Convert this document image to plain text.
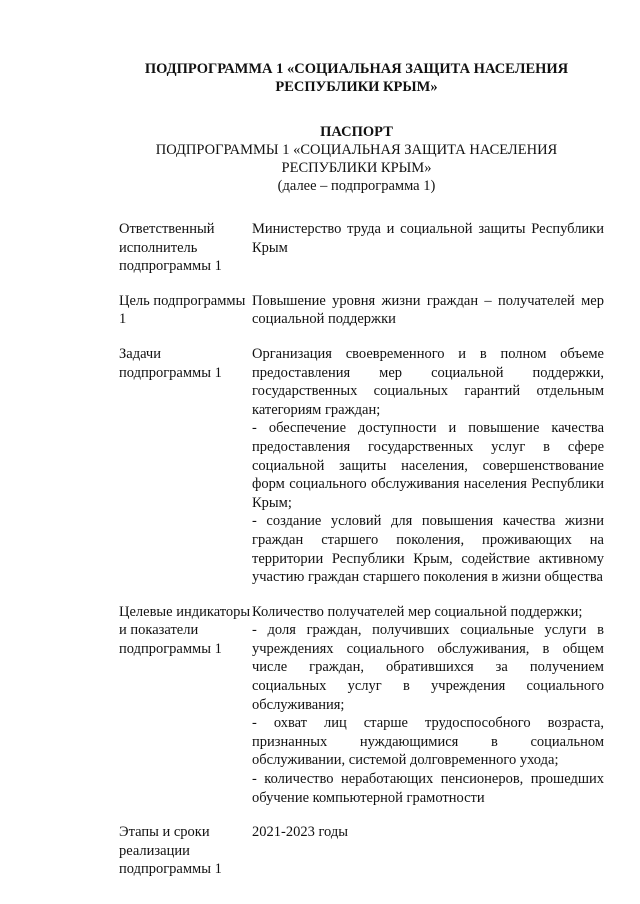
ПОДПРОГРАММА 1 «СОЦИАЛЬНАЯ ЗАЩИТА НАСЕЛЕНИЯ РЕСПУБЛИКИ КРЫМ»
ПАСПОРТ
ПОДПРОГРАММЫ 1 «СОЦИАЛЬНАЯ ЗАЩИТА НАСЕЛЕНИЯ
РЕСПУБЛИКИ КРЫМ»
(далее – подпрограмма 1)
Ответственный исполнитель подпрограммы 1

Министерство труда и социальной защиты Республики Крым

Цель подпрограммы 1

Повышение уровня жизни граждан – получателей мер социальной поддержки

Задачи подпрограммы 1

Организация своевременного и в полном объеме предоставления мер социальной поддержки, государственных социальных гарантий отдельным категориям граждан;

- обеспечение доступности и повышение качества предоставления государственных услуг в сфере социальной защиты населения, совершенствование форм социального обслуживания населения Республики Крым;

- создание условий для повышения качества жизни граждан старшего поколения, проживающих на территории Республики Крым, содействие активному участию граждан старшего поколения в жизни общества

Целевые индикаторы и показатели подпрограммы 1

Количество получателей мер социальной поддержки;

- доля граждан, получивших социальные услуги в учреждениях социального обслуживания, в общем числе граждан, обратившихся за получением социальных услуг в учреждения социального обслуживания;

- охват лиц старше трудоспособного возраста, признанных нуждающимися в социальном обслуживании, системой долговременного ухода;

- количество неработающих пенсионеров, прошедших обучение компьютерной грамотности

Этапы и сроки реализации подпрограммы 1

2021-2023 годы
